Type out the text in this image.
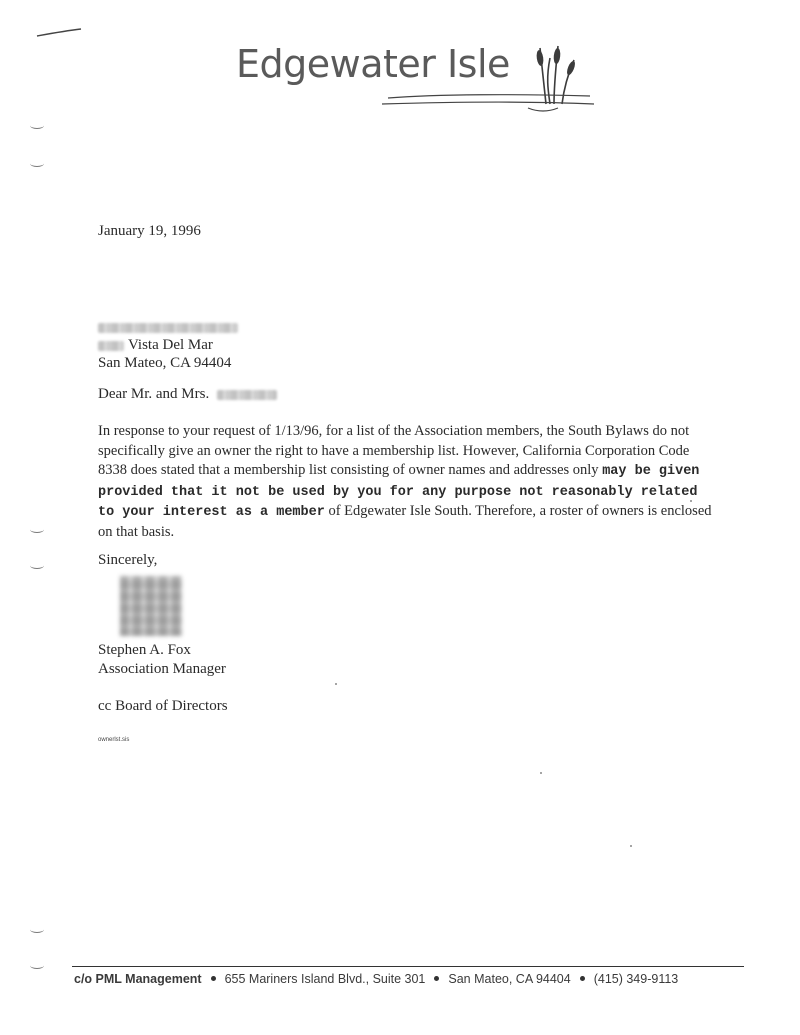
Edgewater Isle
January 19, 1996
Vista Del Mar
San Mateo, CA 94404
Dear Mr. and Mrs.
In response to your request of 1/13/96, for a list of the Association members, the South Bylaws do not specifically give an owner the right to have a membership list. However, California Corporation Code 8338 does stated that a membership list consisting of owner names and addresses only may be given provided that it not be used by you for any purpose not reasonably related to your interest as a member of Edgewater Isle South. Therefore, a roster of owners is enclosed on that basis.
Sincerely,
Stephen A. Fox
Association Manager
cc Board of Directors
ownerlst.sis
c/o PML Management 655 Mariners Island Blvd., Suite 301 San Mateo, CA 94404 (415) 349-9113
